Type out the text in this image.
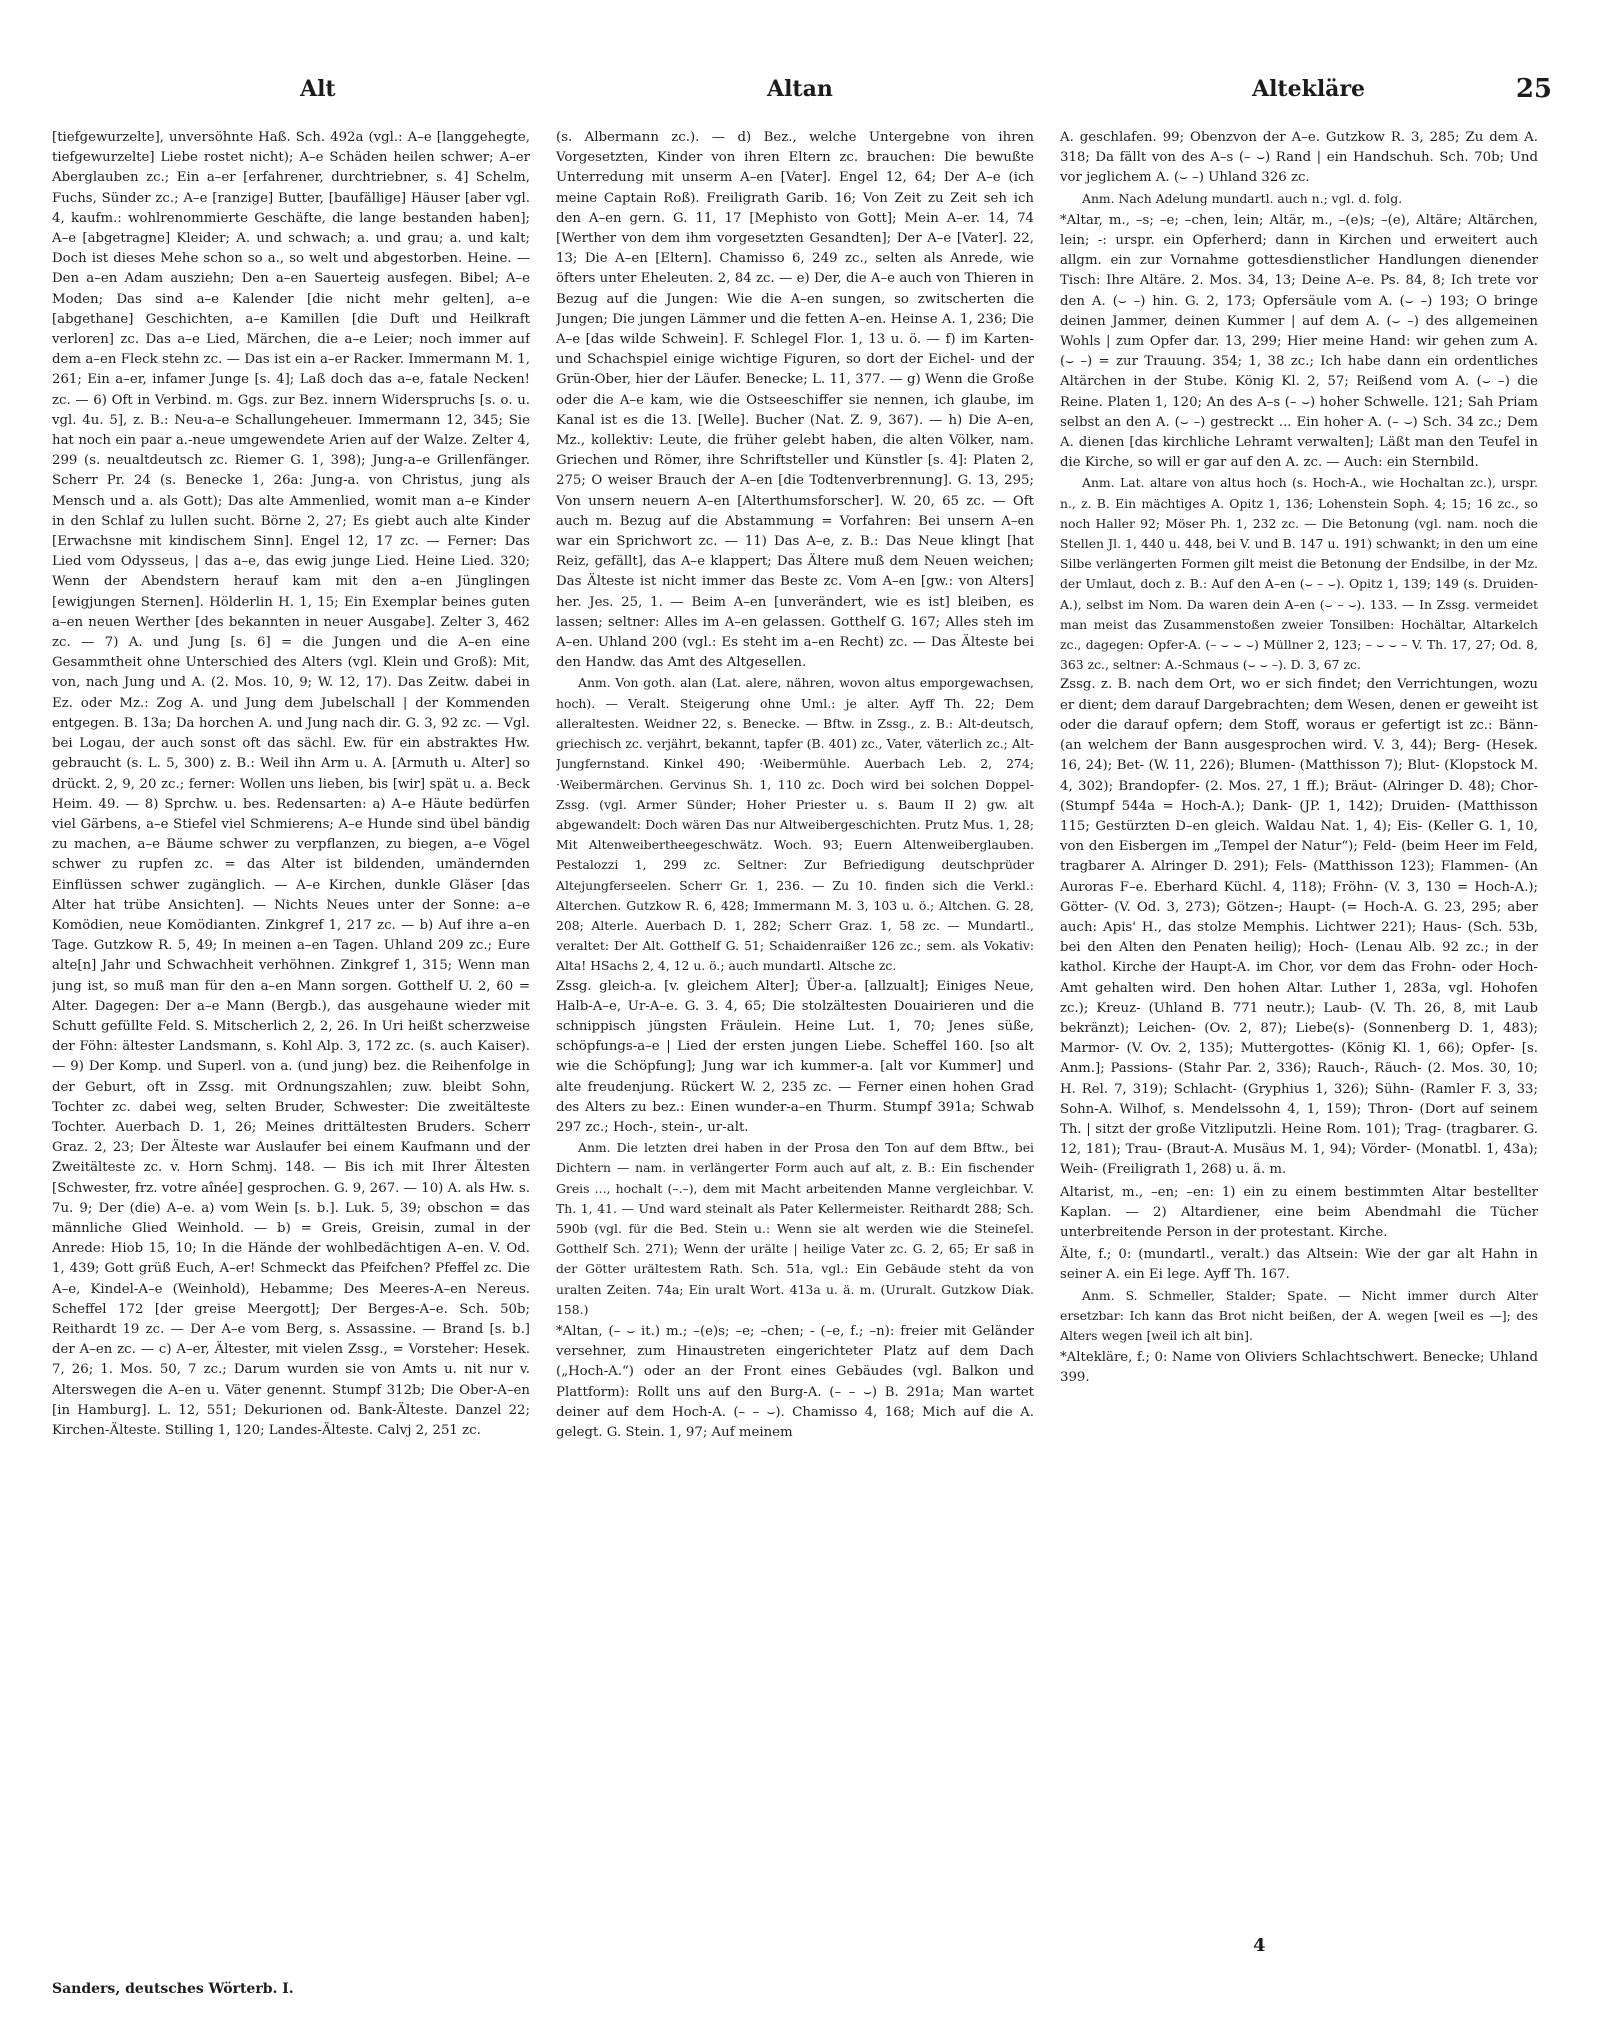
Alt	Altan	Altekläre	25

[tiefgewurzelte], unversöhnte Haß. Sch. 492a (vgl.: A–e [langgehegte, tiefgewurzelte] Liebe rostet nicht); A–e Schäden heilen schwer; A–er Aberglauben zc.; Ein a–er [erfahrener, durchtriebner, s. 4] Schelm, Fuchs, Sünder zc.; A–e [ranzige] Butter, [baufällige] Häuser [aber vgl. 4, kaufm.: wohlrenommierte Geschäfte, die lange bestanden haben]; A–e [abgetragne] Kleider; A. und schwach; a. und grau; a. und kalt; Doch ist dieses Mehe schon so a., so welt und abgestorben. Heine. — Den a–en Adam ausziehn; Den a–en Sauerteig ausfegen. Bibel; A–e Moden; Das sind a–e Kalender [die nicht mehr gelten], a–e [abgethane] Geschichten, a–e Kamillen [die Duft und Heilkraft verloren] zc. Das a–e Lied, Märchen, die a–e Leier; noch immer auf dem a–en Fleck stehn zc. — Das ist ein a–er Racker. Immermann M. 1, 261; Ein a–er, infamer Junge [s. 4]; Laß doch das a–e, fatale Necken! zc. — 6) Oft in Verbind. m. Ggs. zur Bez. innern Widerspruchs [s. o. u. vgl. 4u. 5], z. B.: Neu-a–e Schallungeheuer. Immermann 12, 345; Sie hat noch ein paar a.-neue umgewendete Arien auf der Walze. Zelter 4, 299 (s. neualtdeutsch zc. Riemer G. 1, 398); Jung-a–e Grillenfänger. Scherr Pr. 24 (s. Benecke 1, 26a: Jung-a. von Christus, jung als Mensch und a. als Gott); Das alte Ammenlied, womit man a–e Kinder in den Schlaf zu lullen sucht. Börne 2, 27; Es giebt auch alte Kinder [Erwachsne mit kindischem Sinn]. Engel 12, 17 zc. — Ferner: Das Lied vom Odysseus, | das a–e, das ewig junge Lied. Heine Lied. 320; Wenn der Abendstern herauf kam mit den a–en Jünglingen [ewigjungen Sternen]. Hölderlin H. 1, 15; Ein Exemplar beines guten a–en neuen Werther [des bekannten in neuer Ausgabe]. Zelter 3, 462 zc. — 7) A. und Jung [s. 6] = die Jungen und die A–en eine Gesammtheit ohne Unterschied des Alters (vgl. Klein und Groß): Mit, von, nach Jung und A. (2. Mos. 10, 9; W. 12, 17). Das Zeitw. dabei in Ez. oder Mz.: Zog A. und Jung dem Jubelschall | der Kommenden entgegen. B. 13a; Da horchen A. und Jung nach dir. G. 3, 92 zc. — Vgl. bei Logau, der auch sonst oft das sächl. Ew. für ein abstraktes Hw. gebraucht (s. L. 5, 300) z. B.: Weil ihn Arm u. A. [Armuth u. Alter] so drückt. 2, 9, 20 zc.; ferner: Wollen uns lieben, bis [wir] spät u. a. Beck Heim. 49. — 8) Sprchw. u. bes. Redensarten: a) A–e Häute bedürfen viel Gärbens, a–e Stiefel viel Schmierens; A–e Hunde sind übel bändig zu machen, a–e Bäume schwer zu verpflanzen, zu biegen, a–e Vögel schwer zu rupfen zc. = das Alter ist bildenden, umändernden Einflüssen schwer zugänglich. — A–e Kirchen, dunkle Gläser [das Alter hat trübe Ansichten]. — Nichts Neues unter der Sonne: a–e Komödien, neue Komödianten. Zinkgref 1, 217 zc. — b) Auf ihre a–en Tage. Gutzkow R. 5, 49; In meinen a–en Tagen. Uhland 209 zc.; Eure alte[n] Jahr und Schwachheit verhöhnen. Zinkgref 1, 315; Wenn man jung ist, so muß man für den a–en Mann sorgen. Gotthelf U. 2, 60 = Alter. Dagegen: Der a–e Mann (Bergb.), das ausgehaune wieder mit Schutt gefüllte Feld. S. Mitscherlich 2, 2, 26. In Uri heißt scherzweise der Föhn: ältester Landsmann, s. Kohl Alp. 3, 172 zc. (s. auch Kaiser). — 9) Der Komp. und Superl. von a. (und jung) bez. die Reihenfolge in der Geburt, oft in Zssg. mit Ordnungszahlen; zuw. bleibt Sohn, Tochter zc. dabei weg, selten Bruder, Schwester: Die zweitälteste Tochter. Auerbach D. 1, 26; Meines drittältesten Bruders. Scherr Graz. 2, 23; Der Älteste war Auslaufer bei einem Kaufmann und der Zweitälteste zc. v. Horn Schmj. 148. — Bis ich mit Ihrer Ältesten [Schwester, frz. votre aînée] gesprochen. G. 9, 267. — 10) A. als Hw. s. 7u. 9; Der (die) A–e. a) vom Wein [s. b.]. Luk. 5, 39; obschon = das männliche Glied Weinhold. — b) = Greis, Greisin, zumal in der Anrede: Hiob 15, 10; In die Hände der wohlbedächtigen A–en. V. Od. 1, 439; Gott grüß Euch, A–er! Schmeckt das Pfeifchen? Pfeffel zc. Die A–e, Kindel-A–e (Weinhold), Hebamme; Des Meeres-A–en Nereus. Scheffel 172 [der greise Meergott]; Der Berges-A–e. Sch. 50b; Reithardt 19 zc. — Der A–e vom Berg, s. Assassine. — Brand [s. b.] der A–en zc. — c) A–er, Ältester, mit vielen Zssg., = Vorsteher: Hesek. 7, 26; 1. Mos. 50, 7 zc.; Darum wurden sie von Amts u. nit nur v. Alterswegen die A–en u. Väter genennt. Stumpf 312b; Die Ober-A–en [in Hamburg]. L. 12, 551; Dekurionen od. Bank-Älteste. Danzel 22; Kirchen-Älteste. Stilling 1, 120; Landes-Älteste. Calvj 2, 251 zc.

(s. Albermann zc.). — d) Bez., welche Untergebne von ihren Vorgesetzten, Kinder von ihren Eltern zc. brauchen: Die bewußte Unterredung mit unserm A–en [Vater]. Engel 12, 64; Der A–e (ich meine Captain Roß). Freiligrath Garib. 16; Von Zeit zu Zeit seh ich den A–en gern. G. 11, 17 [Mephisto von Gott]; Mein A–er. 14, 74 [Werther von dem ihm vorgesetzten Gesandten]; Der A–e [Vater]. 22, 13; Die A–en [Eltern]. Chamisso 6, 249 zc., selten als Anrede, wie öfters unter Eheleuten. 2, 84 zc. — e) Der, die A–e auch von Thieren in Bezug auf die Jungen: Wie die A–en sungen, so zwitscherten die Jungen; Die jungen Lämmer und die fetten A–en. Heinse A. 1, 236; Die A–e [das wilde Schwein]. F. Schlegel Flor. 1, 13 u. ö. — f) im Karten- und Schachspiel einige wichtige Figuren, so dort der Eichel- und der Grün-Ober, hier der Läufer. Benecke; L. 11, 377. — g) Wenn die Große oder die A–e kam, wie die Ostseeschiffer sie nennen, ich glaube, im Kanal ist es die 13. [Welle]. Bucher (Nat. Z. 9, 367). — h) Die A–en, Mz., kollektiv: Leute, die früher gelebt haben, die alten Völker, nam. Griechen und Römer, ihre Schriftsteller und Künstler [s. 4]: Platen 2, 275; O weiser Brauch der A–en [die Todtenverbrennung]. G. 13, 295; Von unsern neuern A–en [Alterthumsforscher]. W. 20, 65 zc. — Oft auch m. Bezug auf die Abstammung = Vorfahren: Bei unsern A–en war ein Sprichwort zc. — 11) Das A–e, z. B.: Das Neue klingt [hat Reiz, gefällt], das A–e klappert; Das Ältere muß dem Neuen weichen; Das Älteste ist nicht immer das Beste zc. Vom A–en [gw.: von Alters] her. Jes. 25, 1. — Beim A–en [unverändert, wie es ist] bleiben, es lassen; seltner: Alles im A–en gelassen. Gotthelf G. 167; Alles steh im A–en. Uhland 200 (vgl.: Es steht im a–en Recht) zc. — Das Älteste bei den Handw. das Amt des Altgesellen.

Anm. Von goth. alan (Lat. alere, nähren, wovon altus emporgewachsen, hoch). — Veralt. Steigerung ohne Uml.: je alter. Ayff Th. 22; Dem alleraltesten. Weidner 22, s. Benecke. — Bftw. in Zssg., z. B.: Alt-deutsch, griechisch zc. verjährt, bekannt, tapfer (B. 401) zc., Vater, väterlich zc.; Alt-Jungfernstand. Kinkel 490; ·Weibermühle. Auerbach Leb. 2, 274; ·Weibermärchen. Gervinus Sh. 1, 110 zc. Doch wird bei solchen Doppel-Zssg. (vgl. Armer Sünder; Hoher Priester u. s. Baum II 2) gw. alt abgewandelt: Doch wären Das nur Altweibergeschichten. Prutz Mus. 1, 28; Mit Altenweibertheegeschwätz. Woch. 93; Euern Altenweiberglauben. Pestalozzi 1, 299 zc. Seltner: Zur Befriedigung deutschprüder Altejungferseelen. Scherr Gr. 1, 236. — Zu 10. finden sich die Verkl.: Alterchen. Gutzkow R. 6, 428; Immermann M. 3, 103 u. ö.; Altchen. G. 28, 208; Alterle. Auerbach D. 1, 282; Scherr Graz. 1, 58 zc. — Mundartl., veraltet: Der Alt. Gotthelf G. 51; Schaidenraißer 126 zc.; sem. als Vokativ: Alta! HSachs 2, 4, 12 u. ö.; auch mundartl. Altsche zc.

Zssg. gleich-a. [v. gleichem Alter]; Über-a. [allzualt]; Einiges Neue, Halb-A–e, Ur-A–e. G. 3. 4, 65; Die stolzältesten Douairieren und die schnippisch jüngsten Fräulein. Heine Lut. 1, 70; Jenes süße, schöpfungs-a–e | Lied der ersten jungen Liebe. Scheffel 160. [so alt wie die Schöpfung]; Jung war ich kummer-a. [alt vor Kummer] und alte freudenjung. Rückert W. 2, 235 zc. — Ferner einen hohen Grad des Alters zu bez.: Einen wunder-a–en Thurm. Stumpf 391a; Schwab 297 zc.; Hoch-, stein-, ur-alt.

Anm. Die letzten drei haben in der Prosa den Ton auf dem Bftw., bei Dichtern — nam. in verlängerter Form auch auf alt, z. B.: Ein fischender Greis ..., hochalt (–.–), dem mit Macht arbeitenden Manne vergleichbar. V. Th. 1, 41. — Und ward steinalt als Pater Kellermeister. Reithardt 288; Sch. 590b (vgl. für die Bed. Stein u.: Wenn sie alt werden wie die Steineſel. Gotthelf Sch. 271); Wenn der urälte | heilige Vater zc. G. 2, 65; Er saß in der Götter urältestem Rath. Sch. 51a, vgl.: Ein Gebäude steht da von uralten Zeiten. 74a; Ein uralt Wort. 413a u. ä. m. (Ururalt. Gutzkow Diak. 158.)

*Altan, (– ⌣ it.) m.; –(e)s; –e; –chen; - (–e, f.; –n): freier mit Geländer versehner, zum Hinaustreten eingerichteter Platz auf dem Dach („Hoch-A.“) oder an der Front eines Gebäudes (vgl. Balkon und Plattform): Rollt uns auf den Burg-A. (– – ⌣) B. 291a; Man wartet deiner auf dem Hoch-A. (– – ⌣). Chamisso 4, 168; Mich auf die A. gelegt. G. Stein. 1, 97; Auf meinem

A. geschlafen. 99; Obenzvon der A–e. Gutzkow R. 3, 285; Zu dem A. 318; Da fällt von des A–s (– ⌣) Rand | ein Handschuh. Sch. 70b; Und vor jeglichem A. (⌣ –) Uhland 326 zc.

Anm. Nach Adelung mundartl. auch n.; vgl. d. folg.

*Altar, m., –s; –e; –chen, lein; Altär, m., –(e)s; –(e), Altäre; Altärchen, lein; -: urspr. ein Opferherd; dann in Kirchen und erweitert auch allgm. ein zur Vornahme gottesdienstlicher Handlungen dienender Tisch: Ihre Altäre. 2. Mos. 34, 13; Deine A–e. Ps. 84, 8; Ich trete vor den A. (⌣ –) hin. G. 2, 173; Opfersäule vom A. (⌣ –) 193; O bringe deinen Jammer, deinen Kummer | auf dem A. (⌣ –) des allgemeinen Wohls | zum Opfer dar. 13, 299; Hier meine Hand: wir gehen zum A. (⌣ –) = zur Trauung. 354; 1, 38 zc.; Ich habe dann ein ordentliches Altärchen in der Stube. König Kl. 2, 57; Reißend vom A. (⌣ –) die Reine. Platen 1, 120; An des A–s (– ⌣) hoher Schwelle. 121; Sah Priam selbst an den A. (⌣ –) gestreckt ... Ein hoher A. (– ⌣) Sch. 34 zc.; Dem A. dienen [das kirchliche Lehramt verwalten]; Läßt man den Teufel in die Kirche, so will er gar auf den A. zc. — Auch: ein Sternbild.

Anm. Lat. altare von altus hoch (s. Hoch-A., wie Hochaltan zc.), urspr. n., z. B. Ein mächtiges A. Opitz 1, 136; Lohenstein Soph. 4; 15; 16 zc., so noch Haller 92; Möser Ph. 1, 232 zc. — Die Betonung (vgl. nam. noch die Stellen Jl. 1, 440 u. 448, bei V. und B. 147 u. 191) schwankt; in den um eine Silbe verlängerten Formen gilt meist die Betonung der Endsilbe, in der Mz. der Umlaut, doch z. B.: Auf den A–en (⌣ – ⌣). Opitz 1, 139; 149 (s. Druiden-A.), selbst im Nom. Da waren dein A–en (⌣ – ⌣). 133. — In Zssg. vermeidet man meist das Zusammenstoßen zweier Tonsilben: Hochältar, Altarkelch zc., dagegen: Opfer-A. (– ⌣ ⌣ ⌣) Müllner 2, 123; – ⌣ ⌣ – V. Th. 17, 27; Od. 8, 363 zc., seltner: A.-Schmaus (⌣ ⌣ –). D. 3, 67 zc.

Zssg. z. B. nach dem Ort, wo er sich findet; den Verrichtungen, wozu er dient; dem darauf Dargebrachten; dem Wesen, denen er geweiht ist oder die darauf opfern; dem Stoff, woraus er gefertigt ist zc.: Bänn- (an welchem der Bann ausgesprochen wird. V. 3, 44); Berg- (Hesek. 16, 24); Bet- (W. 11, 226); Blumen- (Matthisson 7); Blut- (Klopstock M. 4, 302); Brandopfer- (2. Mos. 27, 1 ff.); Bräut- (Alringer D. 48); Chor- (Stumpf 544a = Hoch-A.); Dank- (JP. 1, 142); Druiden- (Matthisson 115; Gestürzten D–en gleich. Waldau Nat. 1, 4); Eis- (Keller G. 1, 10, von den Eisbergen im „Tempel der Natur“); Feld- (beim Heer im Feld, tragbarer A. Alringer D. 291); Fels- (Matthisson 123); Flammen- (An Auroras F–e. Eberhard Küchl. 4, 118); Fröhn- (V. 3, 130 = Hoch-A.); Götter- (V. Od. 3, 273); Götzen-; Haupt- (= Hoch-A. G. 23, 295; aber auch: Apis' H., das stolze Memphis. Lichtwer 221); Haus- (Sch. 53b, bei den Alten den Penaten heilig); Hoch- (Lenau Alb. 92 zc.; in der kathol. Kirche der Haupt-A. im Chor, vor dem das Frohn- oder Hoch-Amt gehalten wird. Den hohen Altar. Luther 1, 283a, vgl. Hohofen zc.); Kreuz- (Uhland B. 771 neutr.); Laub- (V. Th. 26, 8, mit Laub bekränzt); Leichen- (Ov. 2, 87); Liebe(s)- (Sonnenberg D. 1, 483); Marmor- (V. Ov. 2, 135); Muttergottes- (König Kl. 1, 66); Opfer- [s. Anm.]; Passions- (Stahr Par. 2, 336); Rauch-, Räuch- (2. Mos. 30, 10; H. Rel. 7, 319); Schlacht- (Gryphius 1, 326); Sühn- (Ramler F. 3, 33; Sohn-A. Wilhof, s. Mendelssohn 4, 1, 159); Thron- (Dort auf seinem Th. | sitzt der große Vitzliputzli. Heine Rom. 101); Trag- (tragbarer. G. 12, 181); Trau- (Braut-A. Musäus M. 1, 94); Vörder- (Monatbl. 1, 43a); Weih- (Freiligrath 1, 268) u. ä. m.

Altarist, m., –en; –en: 1) ein zu einem bestimmten Altar bestellter Kaplan. — 2) Altardiener, eine beim Abendmahl die Tücher unterbreitende Person in der protestant. Kirche.

Älte, f.; 0: (mundartl., veralt.) das Altsein: Wie der gar alt Hahn in seiner A. ein Ei lege. Ayff Th. 167.

Anm. S. Schmeller, Stalder; Spate. — Nicht immer durch Alter ersetzbar: Ich kann das Brot nicht beißen, der A. wegen [weil es —]; des Alters wegen [weil ich alt bin].

*Altekläre, f.; 0: Name von Oliviers Schlachtschwert. Benecke; Uhland 399.

4
Sanders, deutsches Wörterb. I.
